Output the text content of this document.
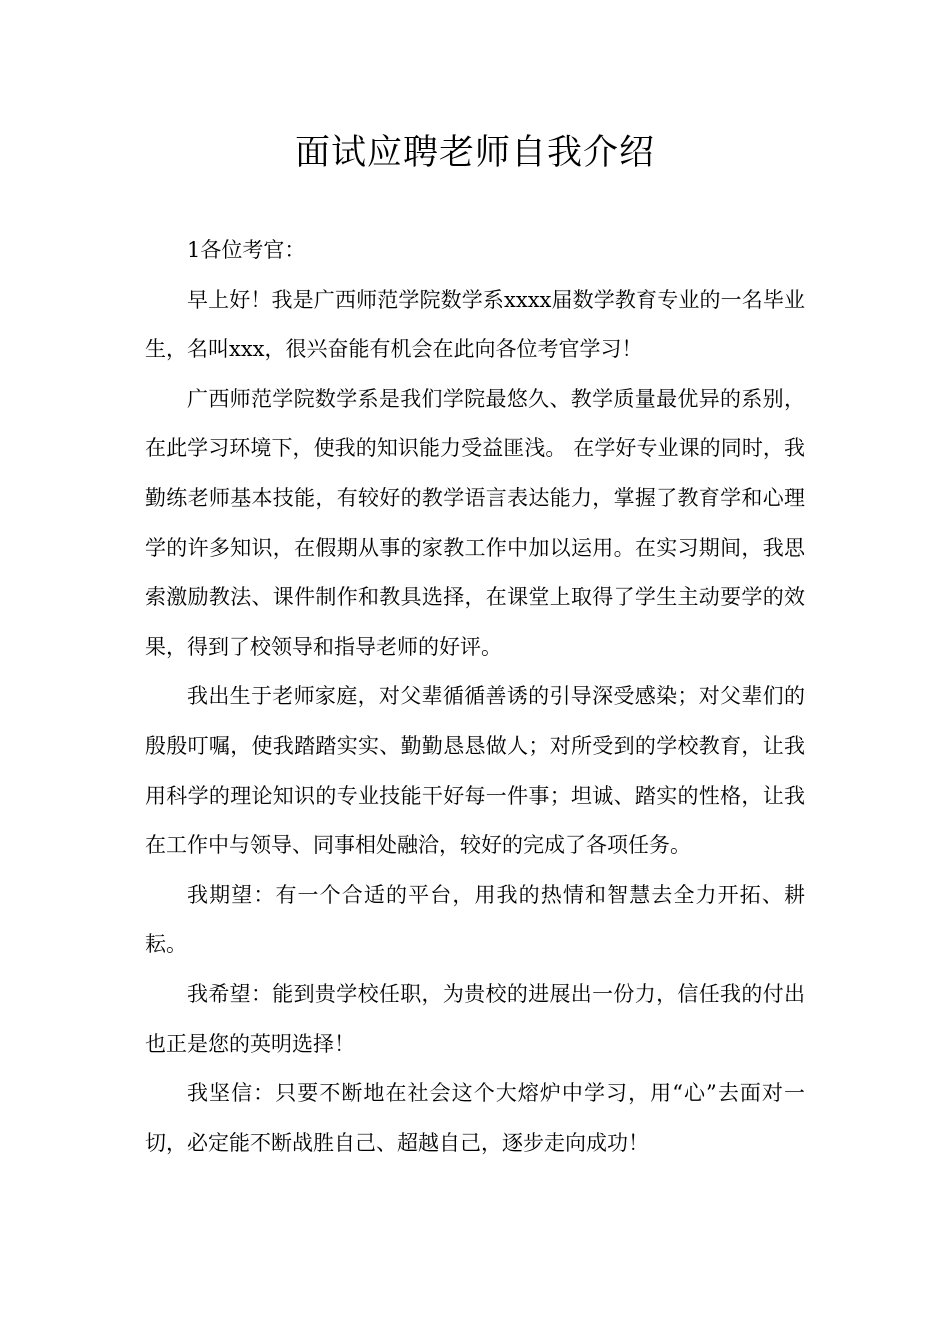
面试应聘老师自我介绍

1各位考官：

早上好！我是广西师范学院数学系xxxx届数学教育专业的一名毕业生，名叫xxx，很兴奋能有机会在此向各位考官学习！

广西师范学院数学系是我们学院最悠久、教学质量最优异的系别，在此学习环境下，使我的知识能力受益匪浅。 在学好专业课的同时，我勤练老师基本技能，有较好的教学语言表达能力，掌握了教育学和心理学的许多知识，在假期从事的家教工作中加以运用。在实习期间，我思索激励教法、课件制作和教具选择，在课堂上取得了学生主动要学的效果，得到了校领导和指导老师的好评。

我出生于老师家庭，对父辈循循善诱的引导深受感染；对父辈们的殷殷叮嘱，使我踏踏实实、勤勤恳恳做人；对所受到的学校教育，让我用科学的理论知识的专业技能干好每一件事；坦诚、踏实的性格，让我在工作中与领导、同事相处融洽，较好的完成了各项任务。

我期望：有一个合适的平台，用我的热情和智慧去全力开拓、耕耘。

我希望：能到贵学校任职，为贵校的进展出一份力，信任我的付出也正是您的英明选择！

我坚信：只要不断地在社会这个大熔炉中学习，用“心”去面对一切，必定能不断战胜自己、超越自己，逐步走向成功！
